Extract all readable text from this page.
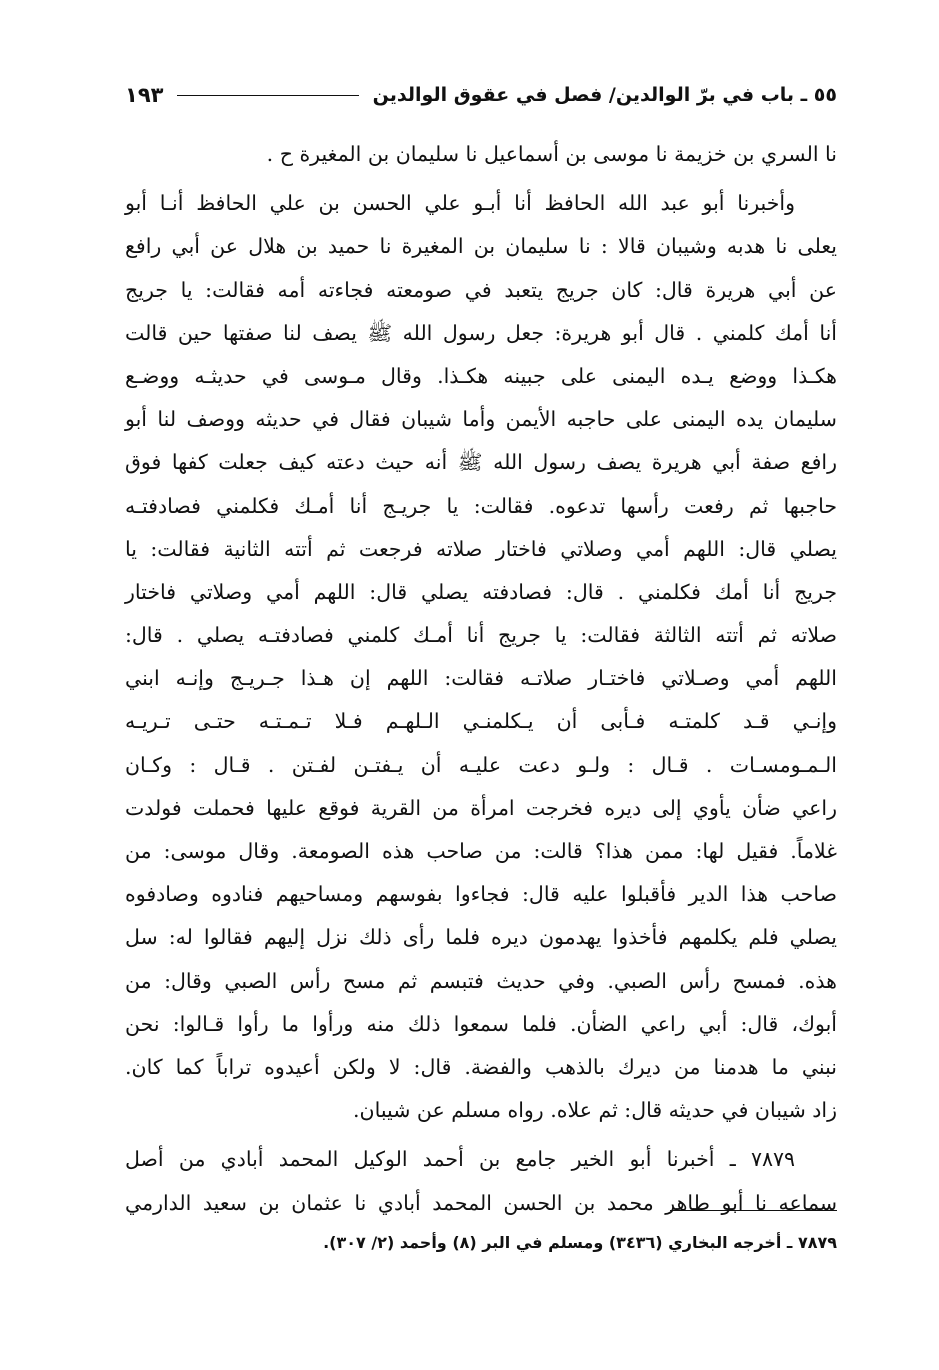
٥٥ ـ باب في برّ الوالدين/ فصل في عقوق الوالدين
١٩٣
نا السري بن خزيمة نا موسى بن أسماعيل نا سليمان بن المغيرة ح .
وأخبرنا أبو عبد الله الحافظ أنا أبـو علي الحسن بن علي الحافظ أنـا أبو
يعلى نا هدبه وشيبان قالا : نا سليمان بن المغيرة نا حميد بن هلال عن أبي رافع
عن أبي هريرة قال: كان جريج يتعبد في صومعته فجاءته أمه فقالت: يا جريج
أنا أمك كلمني . قال أبو هريرة: جعل رسول الله ﷺ يصف لنا صفتها حين قالت
هكـذا ووضع يـده اليمنى على جبينه هكـذا. وقال مـوسى في حديثـه ووضـع
سليمان يده اليمنى على حاجبه الأيمن وأما شيبان فقال في حديثه ووصف لنا أبو
رافع صفة أبي هريرة يصف رسول الله ﷺ أنه حيث دعته كيف جعلت كفها فوق
حاجبها ثم رفعت رأسها تدعوه. فقالت: يا جريـج أنا أمـك فكلمني فصادفتـه
يصلي قال: اللهم أمي وصلاتي فاختار صلاته فرجعت ثم أتته الثانية فقالت: يا
جريج أنا أمك فكلمني . قال: فصادفته يصلي قال: اللهم أمي وصلاتي فاختار
صلاته ثم أتته الثالثة فقالت: يا جريج أنا أمـك كلمني فصادفتـه يصلي . قال:
اللهم أمي وصـلاتي فاختـار صلاتـه فقالت: اللهم إن هـذا جـريـج وإنـه ابني
وإنـي قـد كلمتـه فـأبى أن يـكلمنـي الـلهـم فـلا تـمـتـه حتـى تـريـه
الـمـومسـات . قـال : ولـو دعت عليـه أن يـفتـن لفـتن . قـال : وكـان
راعي ضأن يأوي إلى ديره فخرجت امرأة من القرية فوقع عليها فحملت فولدت
غلاماً. فقيل لها: ممن هذا؟ قالت: من صاحب هذه الصومعة. وقال موسى: من
صاحب هذا الدير فأقبلوا عليه قال: فجاءوا بفوسهم ومساحيهم فنادوه وصادفوه
يصلي فلم يكلمهم فأخذوا يهدمون ديره فلما رأى ذلك نزل إليهم فقالوا له: سل
هذه. فمسح رأس الصبي. وفي حديث فتبسم ثم مسح رأس الصبي وقال: من
أبوك، قال: أبي راعي الضأن. فلما سمعوا ذلك منه ورأوا ما رأوا قـالوا: نحن
نبني ما هدمنا من ديرك بالذهب والفضة. قال: لا ولكن أعيدوه تراباً كما كان.
زاد شيبان في حديثه قال: ثم علاه. رواه مسلم عن شيبان.
٧٨٧٩ ـ أخبرنا أبو الخير جامع بن أحمد الوكيل المحمد أبادي من أصل
سماعه نا أبو طاهر محمد بن الحسن المحمد أبادي نا عثمان بن سعيد الدارمي
٧٨٧٩ ـ أخرجه البخاري (٣٤٣٦) ومسلم في البر (٨) وأحمد (٢/ ٣٠٧).
